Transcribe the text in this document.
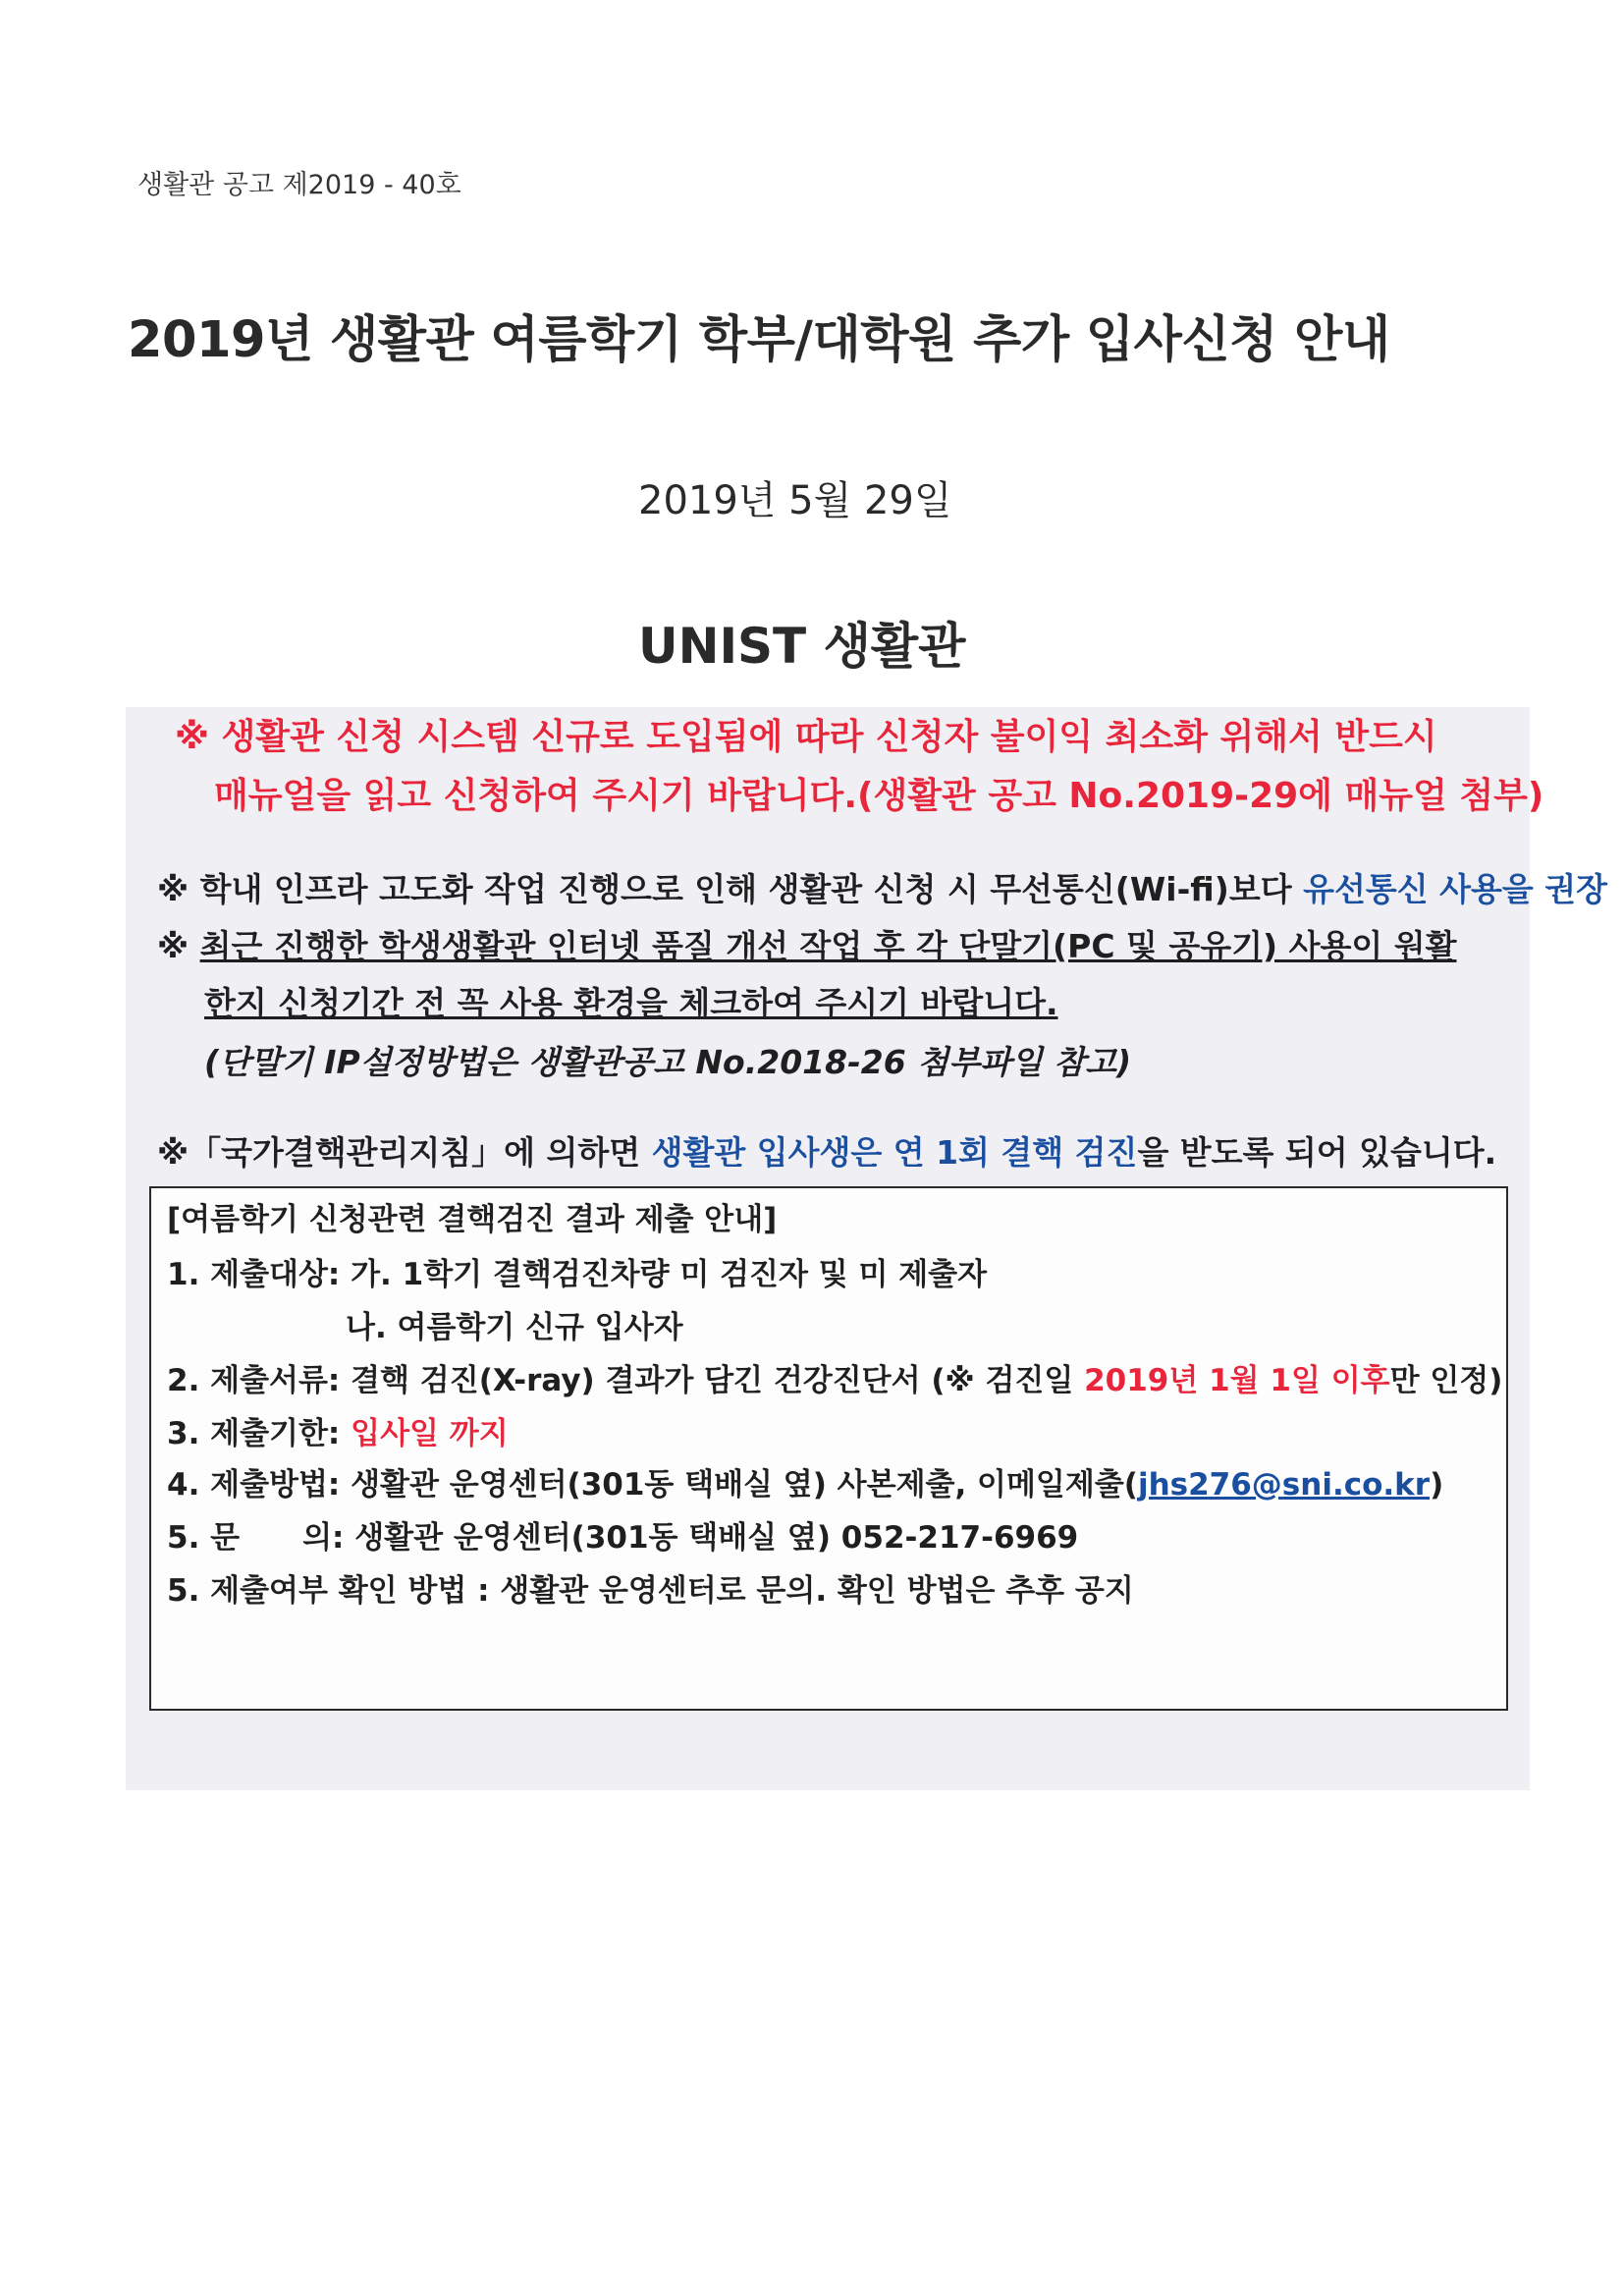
생활관 공고 제2019 - 40호
2019년 생활관 여름학기 학부/대학원 추가 입사신청 안내
2019년 5월 29일
UNIST 생활관
※ 생활관 신청 시스템 신규로 도입됨에 따라 신청자 불이익 최소화 위해서 반드시
매뉴얼을 읽고 신청하여 주시기 바랍니다.(생활관 공고 No.2019-29에 매뉴얼 첨부)
※ 학내 인프라 고도화 작업 진행으로 인해 생활관 신청 시 무선통신(Wi-fi)보다 유선통신 사용을 권장
※ 최근 진행한 학생생활관 인터넷 품질 개선 작업 후 각 단말기(PC 및 공유기) 사용이 원활
한지 신청기간 전 꼭 사용 환경을 체크하여 주시기 바랍니다.
(단말기 IP설정방법은 생활관공고 No.2018-26 첨부파일 참고)
※「국가결핵관리지침」에 의하면 생활관 입사생은 연 1회 결핵 검진을 받도록 되어 있습니다.
[여름학기 신청관련 결핵검진 결과 제출 안내]
1. 제출대상: 가. 1학기 결핵검진차량 미 검진자 및 미 제출자
나. 여름학기 신규 입사자
2. 제출서류: 결핵 검진(X-ray) 결과가 담긴 건강진단서 (※ 검진일 2019년 1월 1일 이후만 인정)
3. 제출기한: 입사일 까지
4. 제출방법: 생활관 운영센터(301동 택배실 옆) 사본제출, 이메일제출(jhs276@sni.co.kr)
5. 문 의: 생활관 운영센터(301동 택배실 옆) 052-217-6969
5. 제출여부 확인 방법 : 생활관 운영센터로 문의. 확인 방법은 추후 공지
